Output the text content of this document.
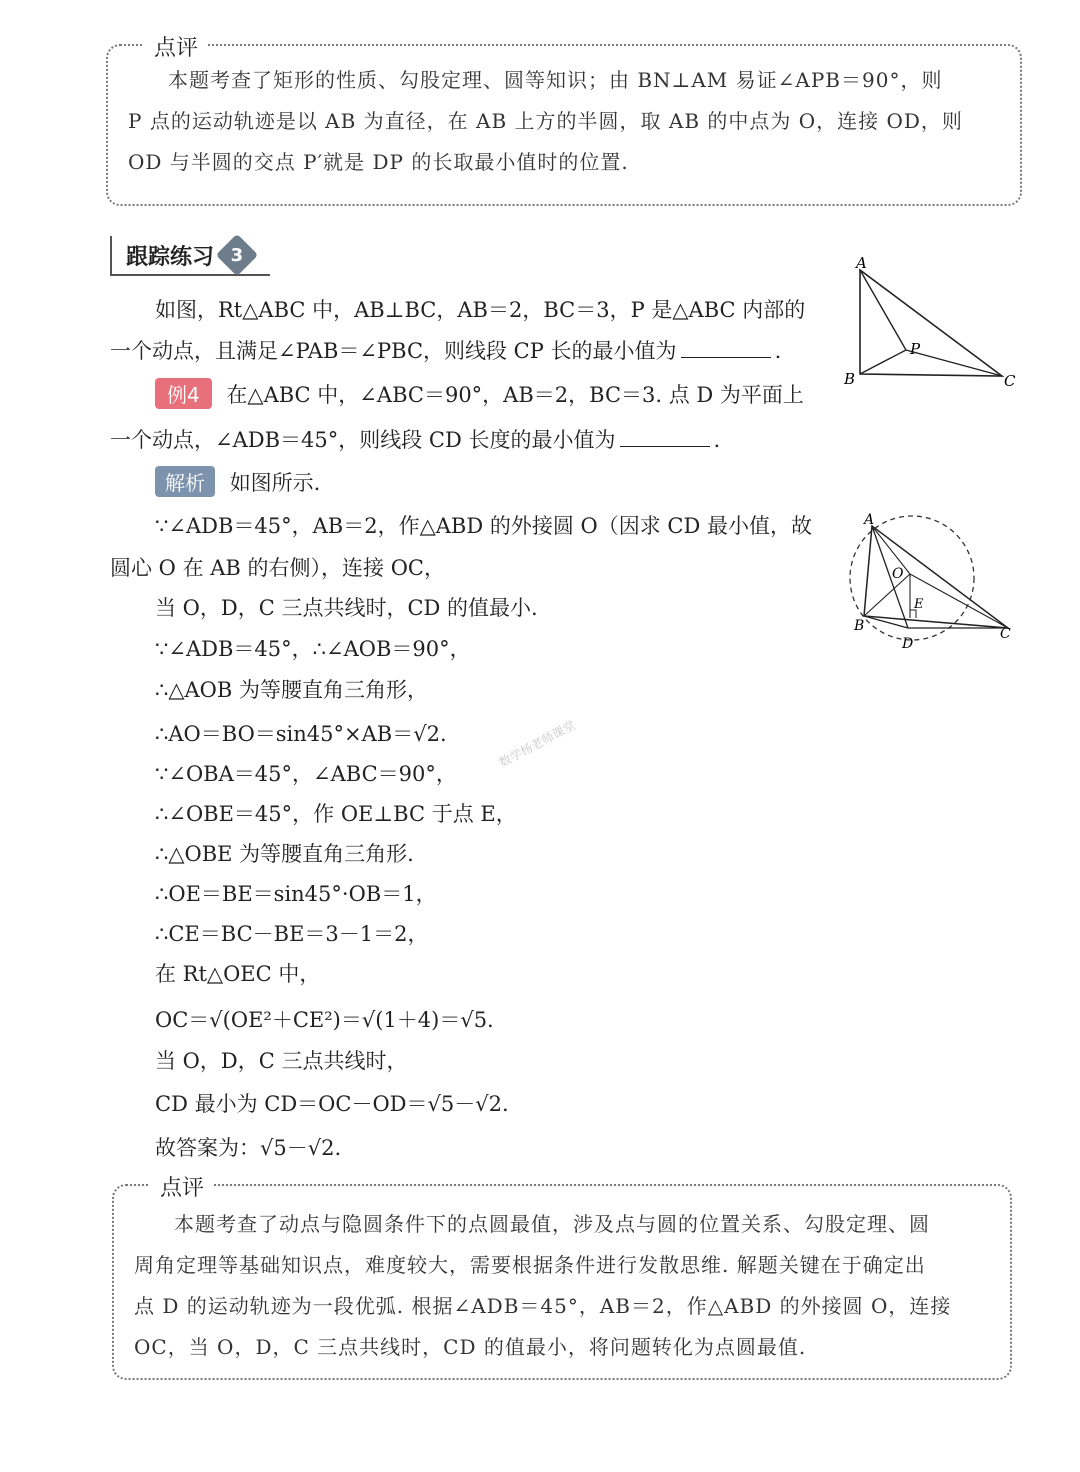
点评

本题考查了矩形的性质、勾股定理、圆等知识；由 BN⊥AM 易证∠APB＝90°，则

P 点的运动轨迹是以 AB 为直径，在 AB 上方的半圆，取 AB 的中点为 O，连接 OD，则

OD 与半圆的交点 P′就是 DP 的长取最小值时的位置.

跟踪练习 3
如图，Rt△ABC 中，AB⊥BC，AB＝2，BC＝3，P 是△ABC 内部的
一个动点，且满足∠PAB＝∠PBC，则线段 CP 长的最小值为	.
A
B	C
P
例4 在△ABC 中，∠ABC＝90°，AB＝2，BC＝3. 点 D 为平面上
一个动点，∠ADB＝45°，则线段 CD 长度的最小值为	.
解析 如图所示.
∵∠ADB＝45°，AB＝2，作△ABD 的外接圆 O（因求 CD 最小值，故
圆心 O 在 AB 的右侧），连接 OC，
当 O，D，C 三点共线时，CD 的值最小.
∵∠ADB＝45°，∴∠AOB＝90°，
∴△AOB 为等腰直角三角形，
∴AO＝BO＝sin45°×AB＝√2.
∵∠OBA＝45°，∠ABC＝90°，
∴∠OBE＝45°，作 OE⊥BC 于点 E，
∴△OBE 为等腰直角三角形.
∴OE＝BE＝sin45°·OB＝1，
∴CE＝BC－BE＝3－1＝2，
在 Rt△OEC 中，
OC＝√(OE²＋CE²)＝√(1＋4)＝√5.
当 O，D，C 三点共线时，
CD 最小为 CD＝OC－OD＝√5－√2.
故答案为：√5－√2.
A
B	C
D
O
E
数学杨老师课堂
点评

本题考查了动点与隐圆条件下的点圆最值，涉及点与圆的位置关系、勾股定理、圆

周角定理等基础知识点，难度较大，需要根据条件进行发散思维. 解题关键在于确定出

点 D 的运动轨迹为一段优弧. 根据∠ADB＝45°，AB＝2，作△ABD 的外接圆 O，连接

OC，当 O，D，C 三点共线时，CD 的值最小，将问题转化为点圆最值.
